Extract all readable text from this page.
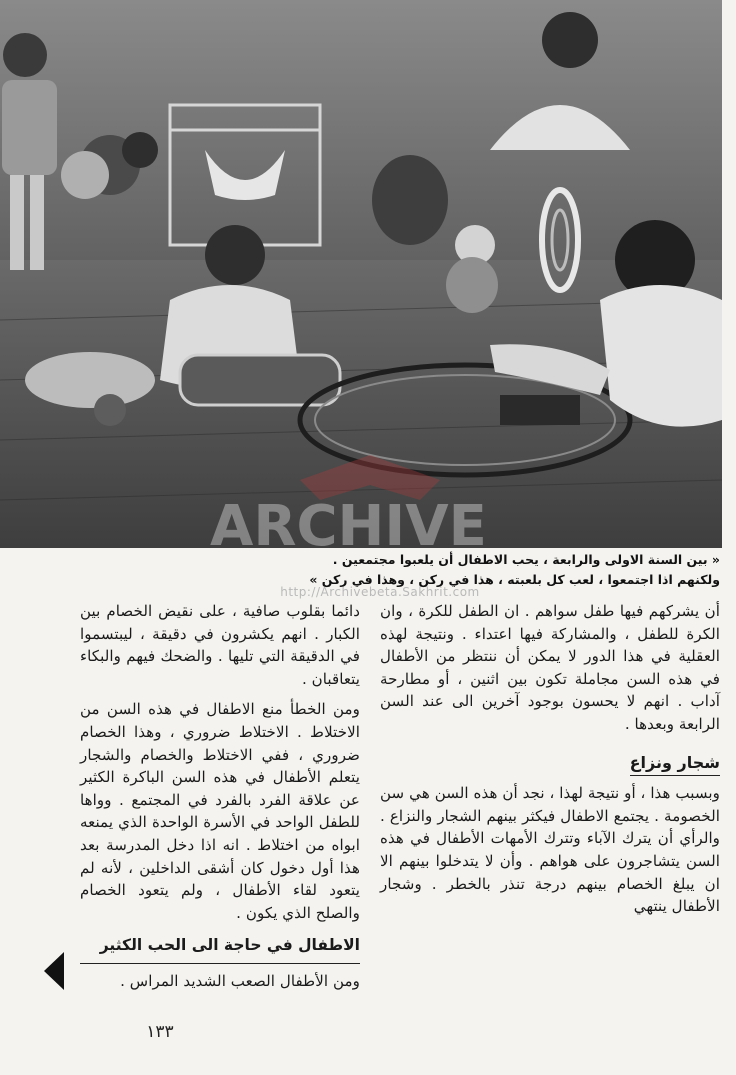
ARCHIVE
« بين السنة الاولى والرابعة ، يحب الاطفال أن يلعبوا مجتمعين .
ولكنهم اذا اجتمعوا ، لعب كل بلعبته ، هذا في ركن ، وهذا في ركن »
http://Archivebeta.Sakhrit.com

أن يشركهم فيها طفل سواهم . ان الطفل للكرة ، وان الكرة للطفل ، والمشاركة فيها اعتداء . ونتيجة لهذه العقلية في هذا الدور لا يمكن أن ننتظر من الأطفال في هذه السن مجاملة تكون بين اثنين ، أو مطارحة آداب . انهم لا يحسون بوجود آخرين الى عند السن الرابعة وبعدها .

شجار ونزاع

وبسبب هذا ، أو نتيجة لهذا ، نجد أن هذه السن هي سن الخصومة . يجتمع الاطفال فيكثر بينهم الشجار والنزاع . والرأي أن يترك الآباء وتترك الأمهات الأطفال في هذه السن يتشاجرون على هواهم . وأن لا يتدخلوا بينهم الا ان يبلغ الخصام بينهم درجة تنذر بالخطر . وشجار الأطفال ينتهي

دائما بقلوب صافية ، على نقيض الخصام بين الكبار . انهم يكشرون في دقيقة ، ليبتسموا في الدقيقة التي تليها . والضحك فيهم والبكاء يتعاقبان .

ومن الخطأ منع الاطفال في هذه السن من الاختلاط . الاختلاط ضروري ، وهذا الخصام ضروري ، ففي الاختلاط والخصام والشجار يتعلم الأطفال في هذه السن الباكرة الكثير عن علاقة الفرد بالفرد في المجتمع . وواها للطفل الواحد في الأسرة الواحدة الذي يمنعه ابواه من اختلاط . انه اذا دخل المدرسة بعد هذا أول دخول كان أشقى الداخلين ، لأنه لم يتعود لقاء الأطفال ، ولم يتعود الخصام والصلح الذي يكون .

الاطفال في حاجة الى الحب الكثير

ومن الأطفال الصعب الشديد المراس .

١٣٣
